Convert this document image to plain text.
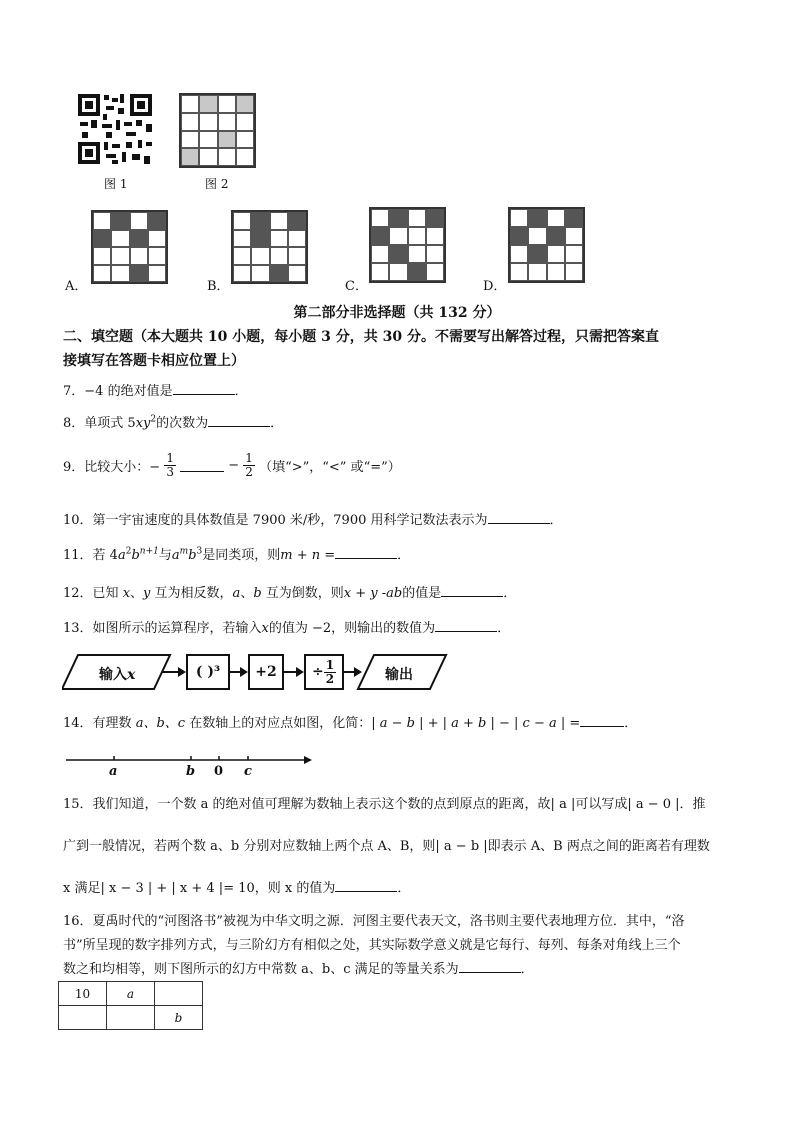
图 1	图 2
A．	B．	C．	D．
第二部分非选择题（共 132 分）
二、填空题（本大题共 10 小题，每小题 3 分，共 30 分。不需要写出解答过程，只需把答案直
接填写在答题卡相应位置上）
7．−4 的绝对值是	．
8．单项式 $5xy^2$的次数为	．
9．比较大小：− $\frac{1}{3}$	− $\frac{1}{2}$ （填“>”，“<” 或“=”）
10．第一宇宙速度的具体数值是 7900 米/秒，7900 用科学记数法表示为	．
11．若 $4a^2b^{n+1}$与$a^mb^3$是同类项，则m + n =	．
12．已知 x、y 互为相反数，a、b 互为倒数，则x + y -ab的值是	．
13．如图所示的运算程序，若输入x的值为 −2，则输出的数值为	．
输入x	( )³	+2	÷ $\frac{1}{2}$	输出
14．有理数 a、b、c 在数轴上的对应点如图，化简：| a − b | + | a + b | − | c − a | =	．
a	b 0 c
15．我们知道，一个数 a 的绝对值可理解为数轴上表示这个数的点到原点的距离，故| a |可以写成| a − 0 |．推
广到一般情况，若两个数 a、b 分别对应数轴上两个点 A、B，则| a − b |即表示 A、B 两点之间的距离若有理数
x 满足| x − 3 | + | x + 4 |= 10，则 x 的值为	．
16．夏禹时代的“河图洛书”被视为中华文明之源．河图主要代表天文，洛书则主要代表地理方位．其中，“洛
书”所呈现的数字排列方式，与三阶幻方有相似之处，其实际数学意义就是它每行、每列、每条对角线上三个
数之和均相等，则下图所示的幻方中常数 a、b、c 满足的等量关系为	．
10	a	
		b
